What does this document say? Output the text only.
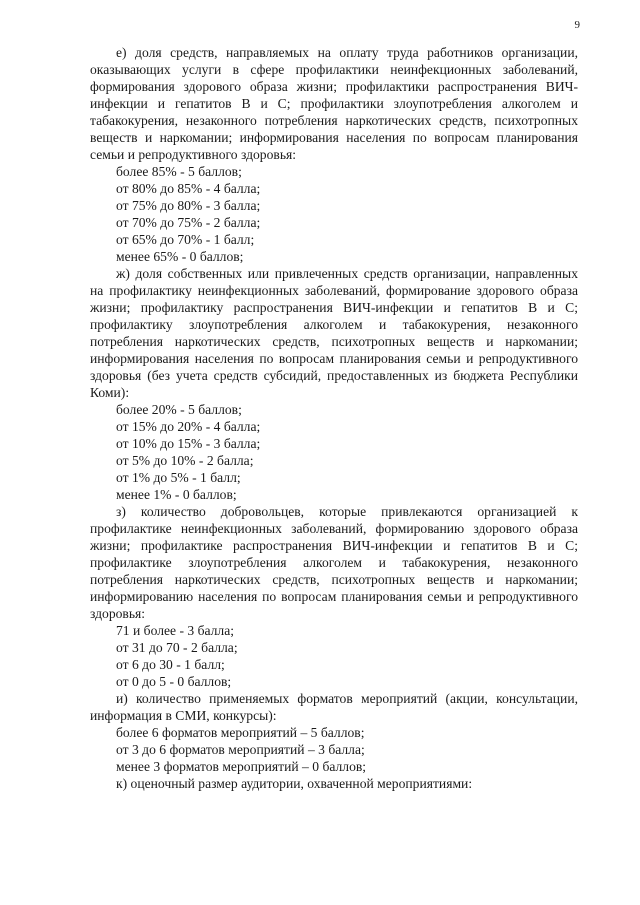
9

е) доля средств, направляемых на оплату труда работников организации, оказывающих услуги в сфере профилактики неинфекционных заболеваний, формирования здорового образа жизни; профилактики распространения ВИЧ-инфекции и гепатитов В и С; профилактики злоупотребления алкоголем и табакокурения, незаконного потребления наркотических средств, психотропных веществ и наркомании; информирования населения по вопросам планирования семьи и репродуктивного здоровья:

более 85% - 5 баллов;
от 80% до 85% - 4 балла;
от 75% до 80% - 3 балла;
от 70% до 75% - 2 балла;
от 65% до 70% - 1 балл;
менее 65% - 0 баллов;

ж) доля собственных или привлеченных средств организации, направленных на профилактику неинфекционных заболеваний, формирование здорового образа жизни; профилактику распространения ВИЧ-инфекции и гепатитов В и С; профилактику злоупотребления алкоголем и табакокурения, незаконного потребления наркотических средств, психотропных веществ и наркомании; информирования населения по вопросам планирования семьи и репродуктивного здоровья (без учета средств субсидий, предоставленных из бюджета Республики Коми):

более 20% - 5 баллов;
от 15% до 20% - 4 балла;
от 10% до 15% - 3 балла;
от 5% до 10% - 2 балла;
от 1% до 5% - 1 балл;
менее 1% - 0 баллов;

з) количество добровольцев, которые привлекаются организацией к профилактике неинфекционных заболеваний, формированию здорового образа жизни; профилактике распространения ВИЧ-инфекции и гепатитов В и С; профилактике злоупотребления алкоголем и табакокурения, незаконного потребления наркотических средств, психотропных веществ и наркомании; информированию населения по вопросам планирования семьи и репродуктивного здоровья:

71 и более - 3 балла;
от 31 до 70 - 2 балла;
от 6 до 30 - 1 балл;
от 0 до 5 - 0 баллов;

и) количество применяемых форматов мероприятий (акции, консультации, информация в СМИ, конкурсы):

более 6 форматов мероприятий – 5 баллов;
от 3 до 6 форматов мероприятий – 3 балла;
менее 3 форматов мероприятий – 0 баллов;

к) оценочный размер аудитории, охваченной мероприятиями:
